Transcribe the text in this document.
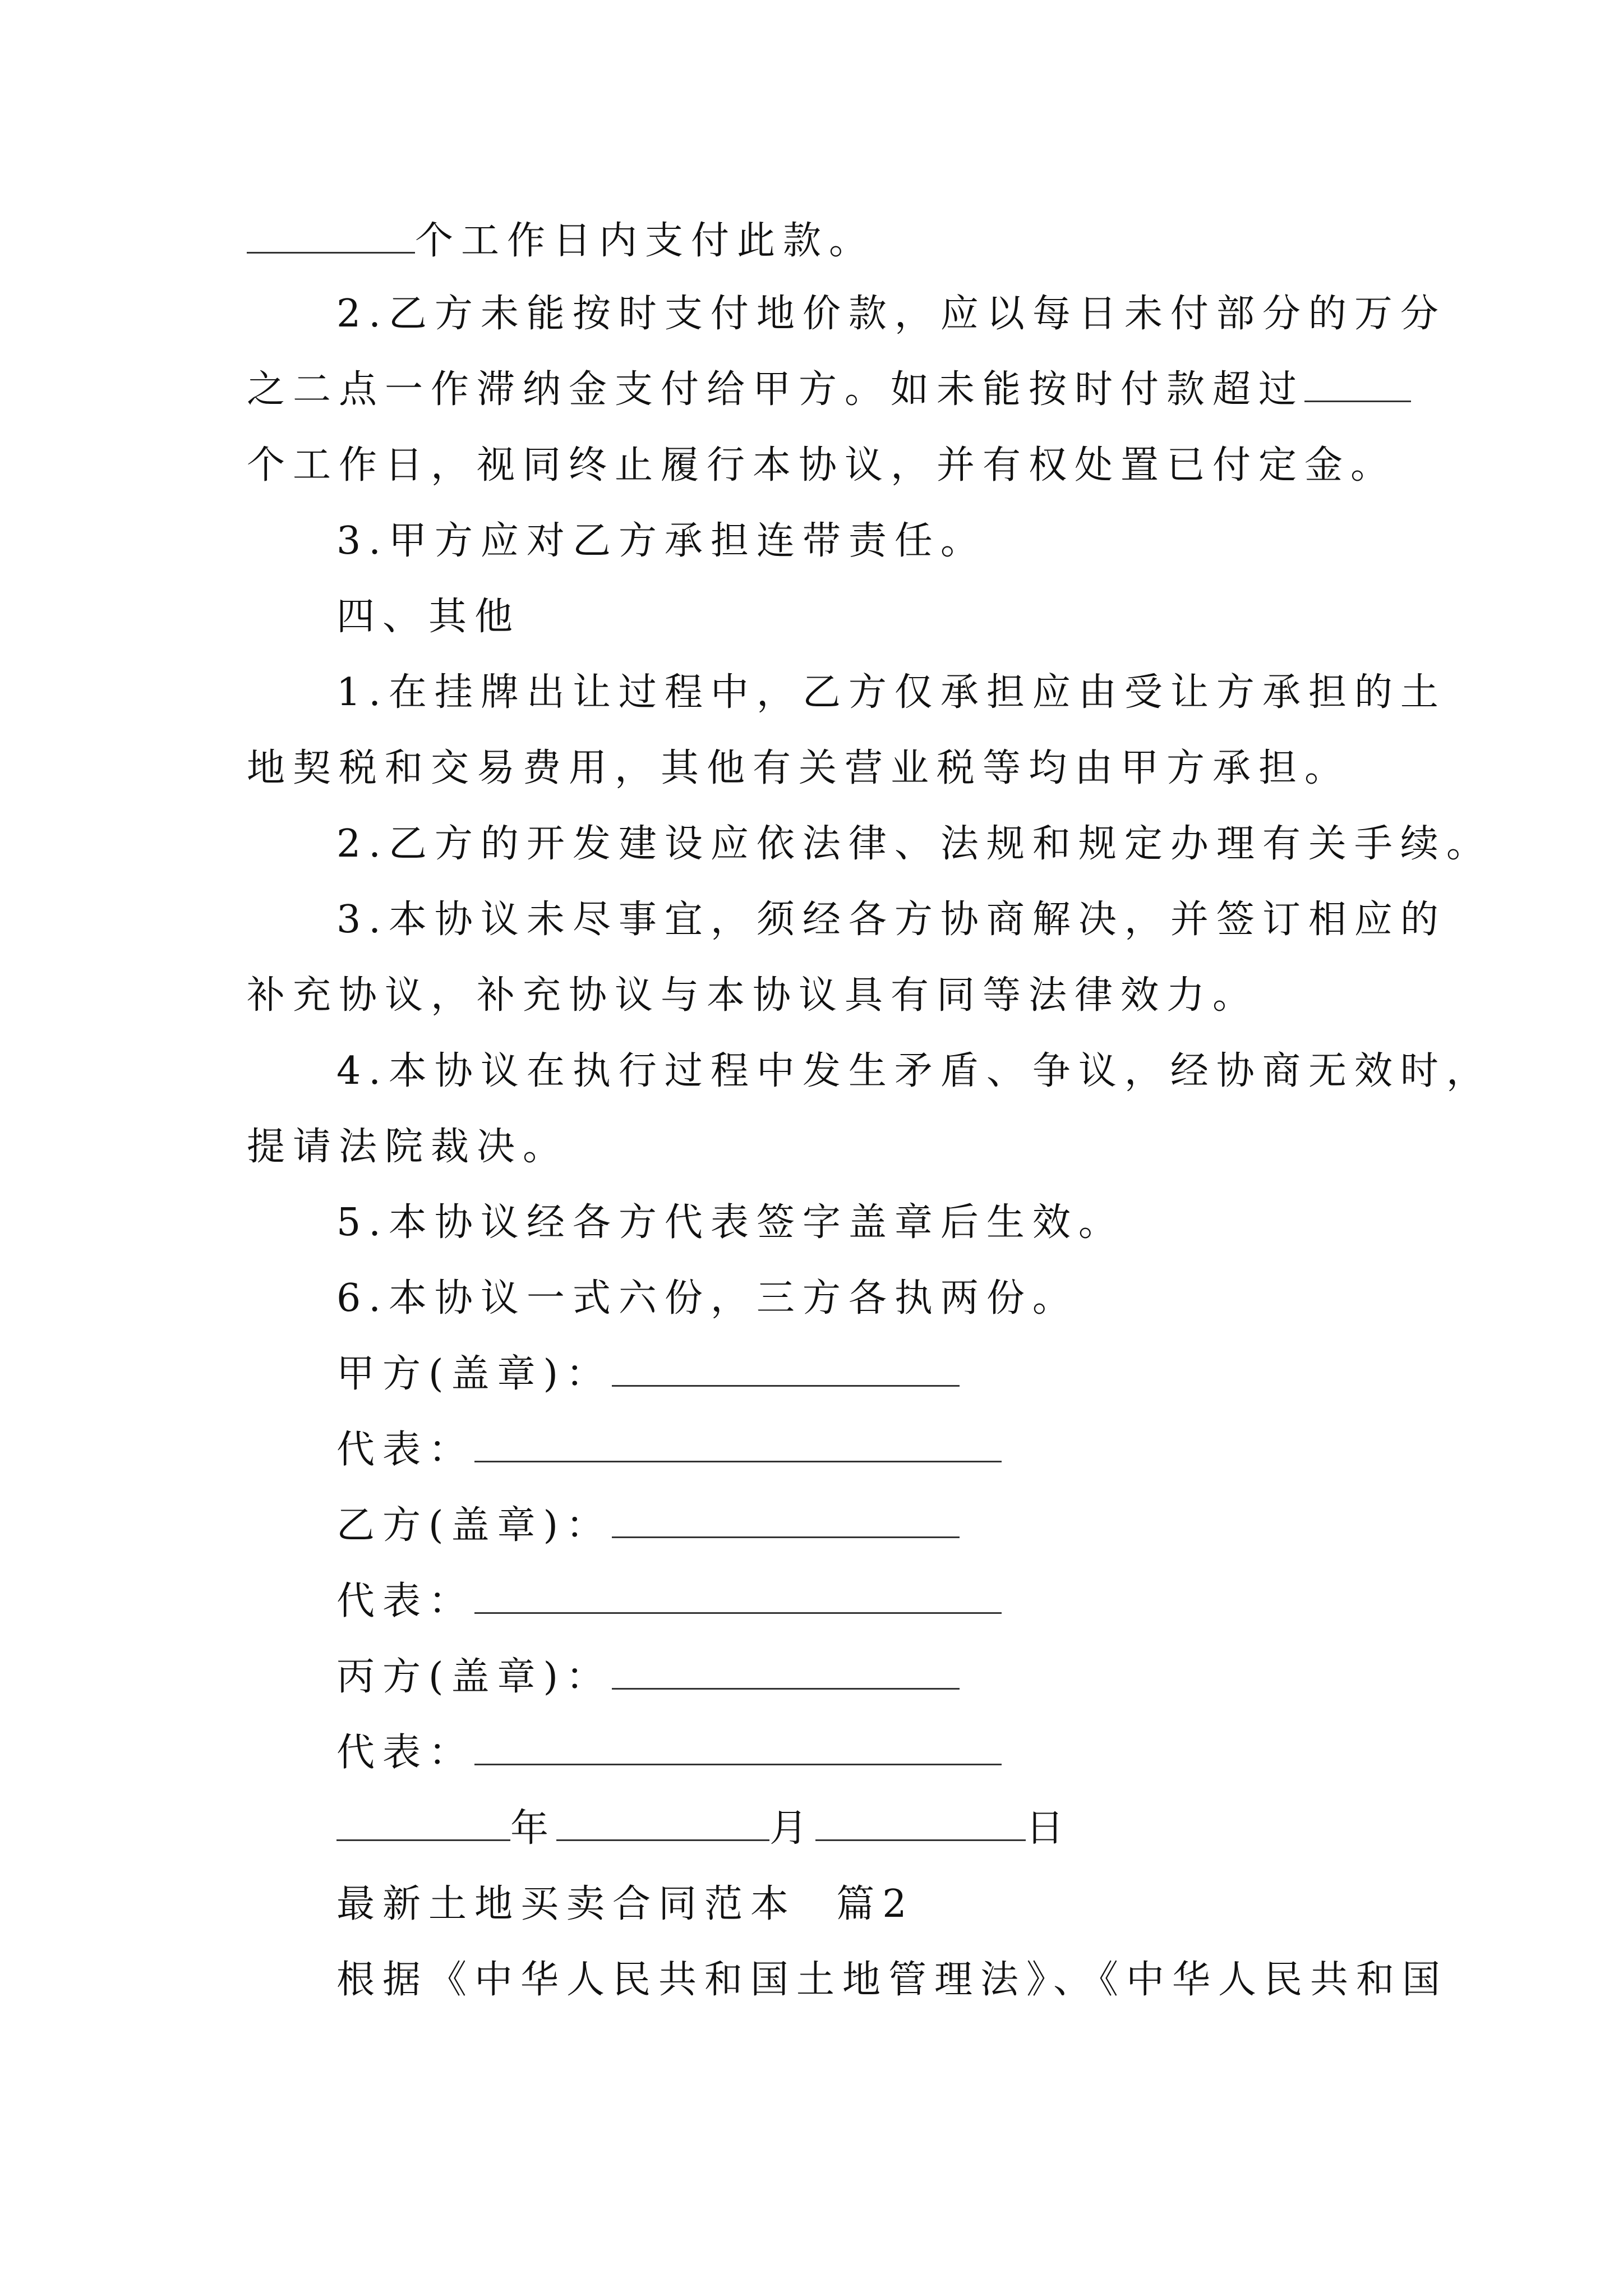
个工作日内支付此款。
2.乙方未能按时支付地价款，应以每日未付部分的万分
之二点一作滞纳金支付给甲方。如未能按时付款超过
个工作日，视同终止履行本协议，并有权处置已付定金。
3.甲方应对乙方承担连带责任。
四、其他
1.在挂牌出让过程中，乙方仅承担应由受让方承担的土
地契税和交易费用，其他有关营业税等均由甲方承担。
2.乙方的开发建设应依法律、法规和规定办理有关手续。
3.本协议未尽事宜，须经各方协商解决，并签订相应的
补充协议，补充协议与本协议具有同等法律效力。
4.本协议在执行过程中发生矛盾、争议，经协商无效时，
提请法院裁决。
5.本协议经各方代表签字盖章后生效。
6.本协议一式六份，三方各执两份。
甲方(盖章)：
代表：
乙方(盖章)：
代表：
丙方(盖章)：
代表：
年	月	日
最新土地买卖合同范本  篇2
根据《中华人民共和国土地管理法》、《中华人民共和国
